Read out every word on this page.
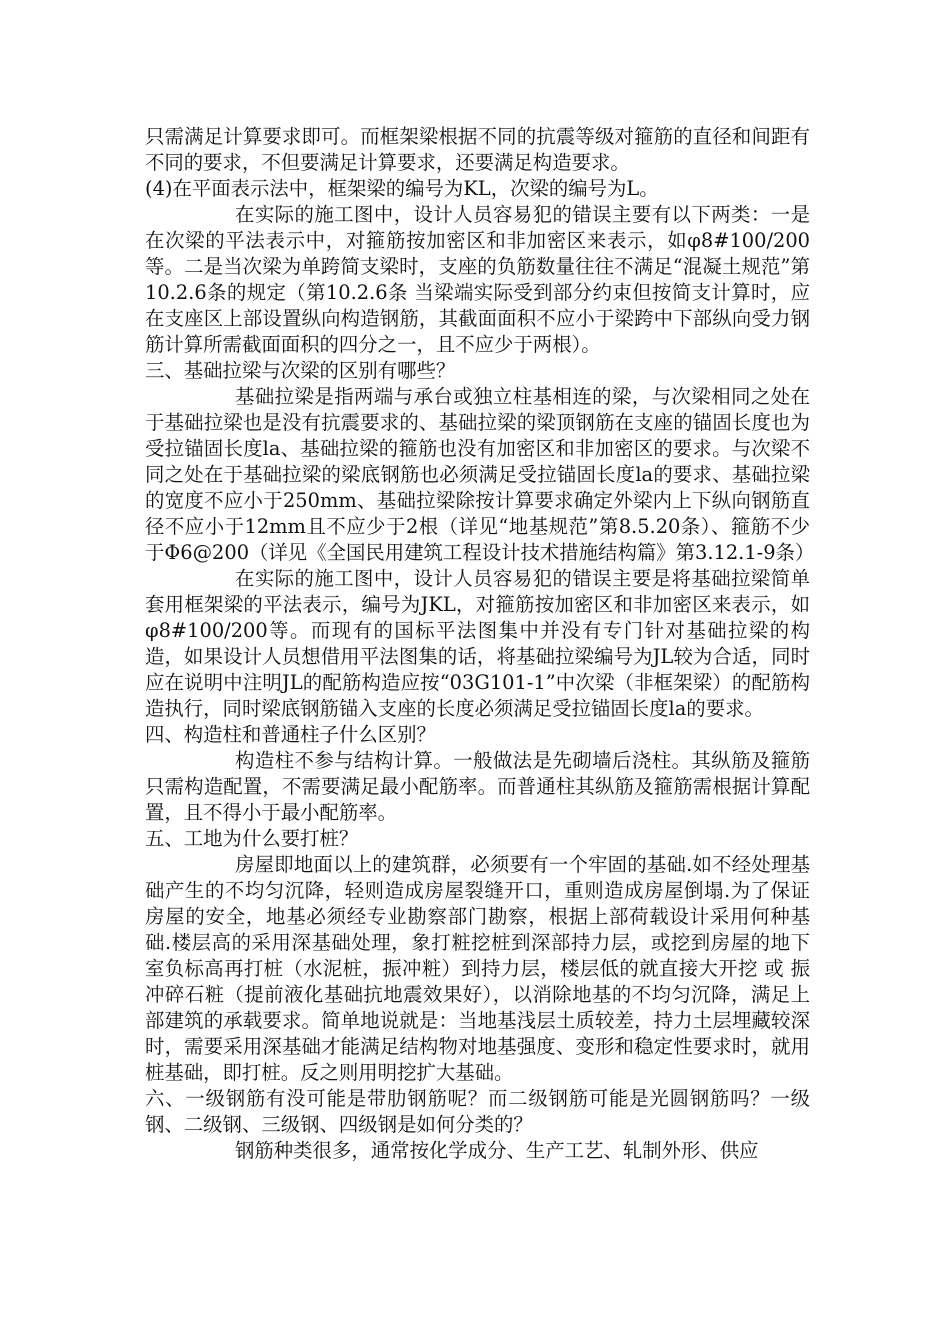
只需满足计算要求即可。而框架梁根据不同的抗震等级对箍筋的直径和间距有不同的要求，不但要满足计算要求，还要满足构造要求。

(4)在平面表示法中，框架梁的编号为KL，次梁的编号为L。

在实际的施工图中，设计人员容易犯的错误主要有以下两类：一是在次梁的平法表示中，对箍筋按加密区和非加密区来表示，如φ8#100/200等。二是当次梁为单跨简支梁时，支座的负筋数量往往不满足“混凝土规范”第10.2.6条的规定（第10.2.6条 当梁端实际受到部分约束但按简支计算时，应在支座区上部设置纵向构造钢筋，其截面面积不应小于梁跨中下部纵向受力钢筋计算所需截面面积的四分之一，且不应少于两根）。

三、基础拉梁与次梁的区别有哪些？

基础拉梁是指两端与承台或独立柱基相连的梁，与次梁相同之处在于基础拉梁也是没有抗震要求的、基础拉梁的梁顶钢筋在支座的锚固长度也为受拉锚固长度la、基础拉梁的箍筋也没有加密区和非加密区的要求。与次梁不同之处在于基础拉梁的梁底钢筋也必须满足受拉锚固长度la的要求、基础拉梁的宽度不应小于250mm、基础拉梁除按计算要求确定外梁内上下纵向钢筋直径不应小于12mm且不应少于2根（详见“地基规范”第8.5.20条）、箍筋不少于Φ6@200（详见《全国民用建筑工程设计技术措施结构篇》第3.12.1-9条）

在实际的施工图中，设计人员容易犯的错误主要是将基础拉梁简单套用框架梁的平法表示，编号为JKL，对箍筋按加密区和非加密区来表示，如φ8#100/200等。而现有的国标平法图集中并没有专门针对基础拉梁的构造，如果设计人员想借用平法图集的话，将基础拉梁编号为JL较为合适，同时应在说明中注明JL的配筋构造应按“03G101-1”中次梁（非框架梁）的配筋构造执行，同时梁底钢筋锚入支座的长度必须满足受拉锚固长度la的要求。

四、构造柱和普通柱子什么区别？

构造柱不参与结构计算。一般做法是先砌墙后浇柱。其纵筋及箍筋只需构造配置，不需要满足最小配筋率。而普通柱其纵筋及箍筋需根据计算配置，且不得小于最小配筋率。

五、工地为什么要打桩？

房屋即地面以上的建筑群，必须要有一个牢固的基础.如不经处理基础产生的不均匀沉降，轻则造成房屋裂缝开口，重则造成房屋倒塌.为了保证房屋的安全，地基必须经专业勘察部门勘察，根据上部荷载设计采用何种基础.楼层高的采用深基础处理，象打粧挖桩到深部持力层，或挖到房屋的地下室负标高再打桩（水泥桩，振冲粧）到持力层，楼层低的就直接大开挖 或 振冲碎石粧（提前液化基础抗地震效果好），以消除地基的不均匀沉降，满足上部建筑的承载要求。简单地说就是：当地基浅层土质较差，持力土层埋藏较深时，需要采用深基础才能满足结构物对地基强度、变形和稳定性要求时，就用桩基础，即打桩。反之则用明挖扩大基础。

六、一级钢筋有没可能是带肋钢筋呢？而二级钢筋可能是光圆钢筋吗？一级钢、二级钢、三级钢、四级钢是如何分类的？

钢筋种类很多，通常按化学成分、生产工艺、轧制外形、供应
